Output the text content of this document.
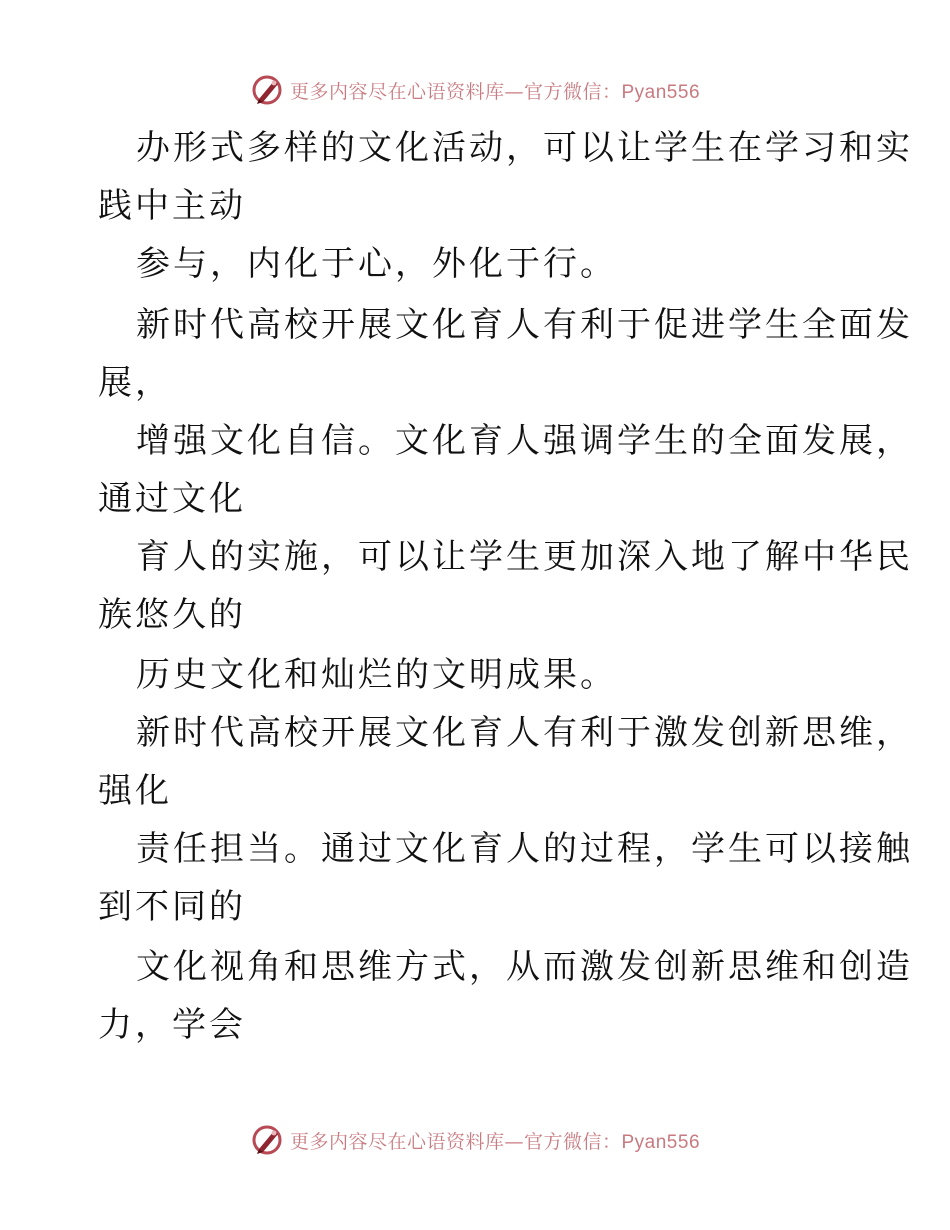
更多内容尽在心语资料库—官方微信：Pyan556
办形式多样的文化活动，可以让学生在学习和实
践中主动
参与，内化于心，外化于行。
新时代高校开展文化育人有利于促进学生全面发
展，
增强文化自信。文化育人强调学生的全面发展，
通过文化
育人的实施，可以让学生更加深入地了解中华民
族悠久的
历史文化和灿烂的文明成果。
新时代高校开展文化育人有利于激发创新思维，
强化
责任担当。通过文化育人的过程，学生可以接触
到不同的
文化视角和思维方式，从而激发创新思维和创造
力，学会
更多内容尽在心语资料库—官方微信：Pyan556
